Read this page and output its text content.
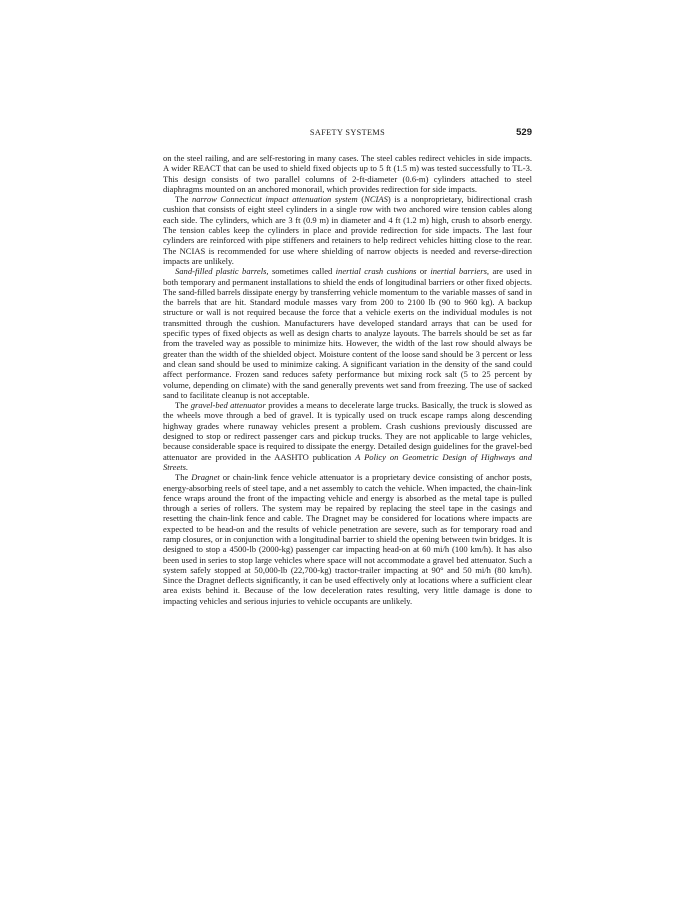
SAFETY SYSTEMS	529

on the steel railing, and are self-restoring in many cases. The steel cables redirect vehicles in side impacts. A wider REACT that can be used to shield fixed objects up to 5 ft (1.5 m) was tested successfully to TL-3. This design consists of two parallel columns of 2-ft-diameter (0.6-m) cylinders attached to steel diaphragms mounted on an anchored monorail, which provides redirection for side impacts.

The narrow Connecticut impact attenuation system (NCIAS) is a nonproprietary, bidirectional crash cushion that consists of eight steel cylinders in a single row with two anchored wire tension cables along each side. The cylinders, which are 3 ft (0.9 m) in diameter and 4 ft (1.2 m) high, crush to absorb energy. The tension cables keep the cylinders in place and provide redirection for side impacts. The last four cylinders are reinforced with pipe stiffeners and retainers to help redirect vehicles hitting close to the rear. The NCIAS is recommended for use where shielding of narrow objects is needed and reverse-direction impacts are unlikely.

Sand-filled plastic barrels, sometimes called inertial crash cushions or inertial barriers, are used in both temporary and permanent installations to shield the ends of longitudinal barriers or other fixed objects. The sand-filled barrels dissipate energy by transferring vehicle momentum to the variable masses of sand in the barrels that are hit. Standard module masses vary from 200 to 2100 lb (90 to 960 kg). A backup structure or wall is not required because the force that a vehicle exerts on the individual modules is not transmitted through the cushion. Manufacturers have developed standard arrays that can be used for specific types of fixed objects as well as design charts to analyze layouts. The barrels should be set as far from the traveled way as possible to minimize hits. However, the width of the last row should always be greater than the width of the shielded object. Moisture content of the loose sand should be 3 percent or less and clean sand should be used to minimize caking. A significant variation in the density of the sand could affect performance. Frozen sand reduces safety performance but mixing rock salt (5 to 25 percent by volume, depending on climate) with the sand generally prevents wet sand from freezing. The use of sacked sand to facilitate cleanup is not acceptable.

The gravel-bed attenuator provides a means to decelerate large trucks. Basically, the truck is slowed as the wheels move through a bed of gravel. It is typically used on truck escape ramps along descending highway grades where runaway vehicles present a problem. Crash cushions previously discussed are designed to stop or redirect passenger cars and pickup trucks. They are not applicable to large vehicles, because considerable space is required to dissipate the energy. Detailed design guidelines for the gravel-bed attenuator are provided in the AASHTO publication A Policy on Geometric Design of Highways and Streets.

The Dragnet or chain-link fence vehicle attenuator is a proprietary device consisting of anchor posts, energy-absorbing reels of steel tape, and a net assembly to catch the vehicle. When impacted, the chain-link fence wraps around the front of the impacting vehicle and energy is absorbed as the metal tape is pulled through a series of rollers. The system may be repaired by replacing the steel tape in the casings and resetting the chain-link fence and cable. The Dragnet may be considered for locations where impacts are expected to be head-on and the results of vehicle penetration are severe, such as for temporary road and ramp closures, or in conjunction with a longitudinal barrier to shield the opening between twin bridges. It is designed to stop a 4500-lb (2000-kg) passenger car impacting head-on at 60 mi/h (100 km/h). It has also been used in series to stop large vehicles where space will not accommodate a gravel bed attenuator. Such a system safely stopped at 50,000-lb (22,700-kg) tractor-trailer impacting at 90° and 50 mi/h (80 km/h). Since the Dragnet deflects significantly, it can be used effectively only at locations where a sufficient clear area exists behind it. Because of the low deceleration rates resulting, very little damage is done to impacting vehicles and serious injuries to vehicle occupants are unlikely.
